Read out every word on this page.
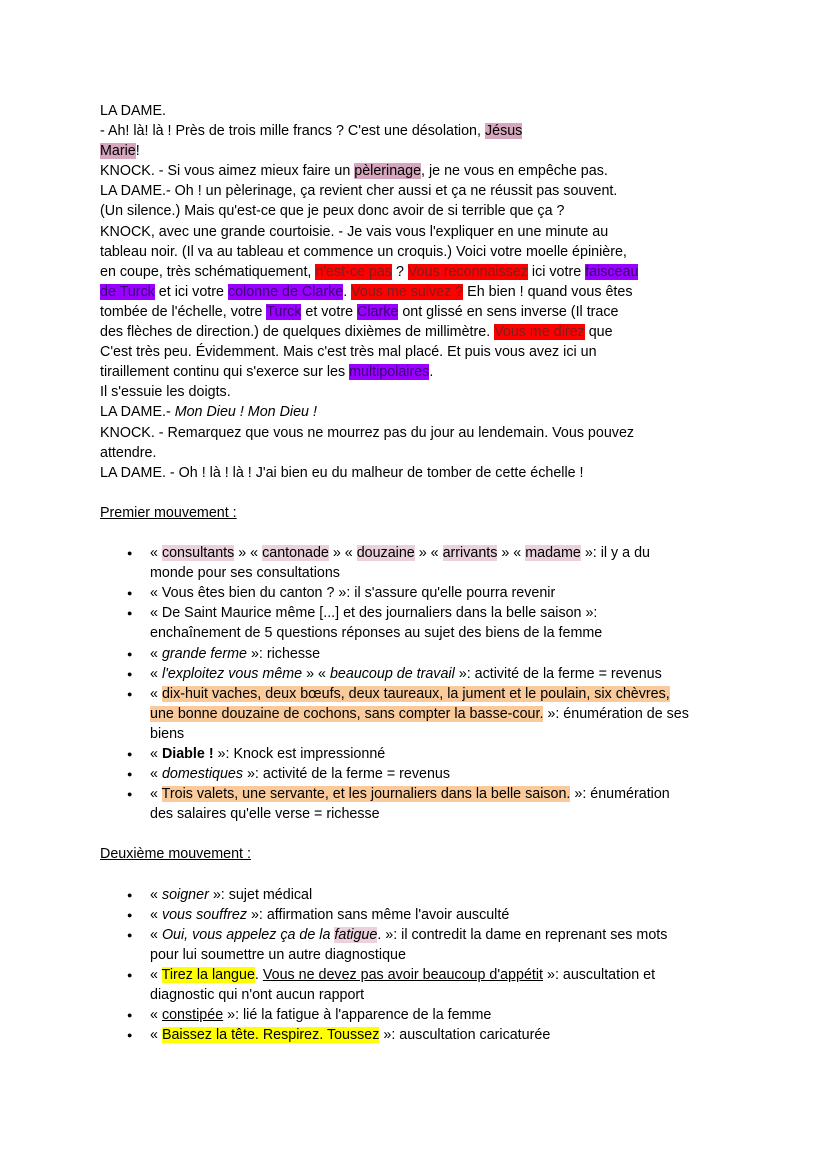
LA DAME.
- Ah! là! là ! Près de trois mille francs ? C'est une désolation, Jésus
Marie!
KNOCK. - Si vous aimez mieux faire un pèlerinage, je ne vous en empêche pas.
LA DAME.- Oh ! un pèlerinage, ça revient cher aussi et ça ne réussit pas souvent.
(Un silence.) Mais qu'est-ce que je peux donc avoir de si terrible que ça ?
KNOCK, avec une grande courtoisie. - Je vais vous l'expliquer en une minute au
tableau noir. (Il va au tableau et commence un croquis.) Voici votre moelle épinière,
en coupe, très schématiquement, n'est-ce pas ? Vous reconnaissez ici votre faisceau
de Turck et ici votre colonne de Clarke. Vous me suivez ? Eh bien ! quand vous êtes
tombée de l'échelle, votre Turck et votre Clarke ont glissé en sens inverse (Il trace
des flèches de direction.) de quelques dixièmes de millimètre. Vous me direz que
C'est très peu. Évidemment. Mais c'est très mal placé. Et puis vous avez ici un
tiraillement continu qui s'exerce sur les multipolaires.
Il s'essuie les doigts.
LA DAME.- Mon Dieu ! Mon Dieu !
KNOCK. - Remarquez que vous ne mourrez pas du jour au lendemain. Vous pouvez
attendre.
LA DAME. - Oh ! là ! là ! J'ai bien eu du malheur de tomber de cette échelle !
Premier mouvement :
● « consultants » « cantonade » « douzaine » « arrivants » « madame »: il y a du
monde pour ses consultations
● « Vous êtes bien du canton ? »: il s'assure qu'elle pourra revenir
● « De Saint Maurice même [...] et des journaliers dans la belle saison »:
enchaînement de 5 questions réponses au sujet des biens de la femme
● « grande ferme »: richesse
● « l'exploitez vous même » « beaucoup de travail »: activité de la ferme = revenus
● « dix-huit vaches, deux bœufs, deux taureaux, la jument et le poulain, six chèvres,
une bonne douzaine de cochons, sans compter la basse-cour. »: énumération de ses
biens
● « Diable ! »: Knock est impressionné
● « domestiques »: activité de la ferme = revenus
● « Trois valets, une servante, et les journaliers dans la belle saison. »: énumération
des salaires qu'elle verse = richesse
Deuxième mouvement :
● « soigner »: sujet médical
● « vous souffrez »: affirmation sans même l'avoir ausculté
● « Oui, vous appelez ça de la fatigue. »: il contredit la dame en reprenant ses mots
pour lui soumettre un autre diagnostique
● « Tirez la langue. Vous ne devez pas avoir beaucoup d'appétit »: auscultation et
diagnostic qui n'ont aucun rapport
● « constipée »: lié la fatigue à l'apparence de la femme
● « Baissez la tête. Respirez. Toussez »: auscultation caricaturée
